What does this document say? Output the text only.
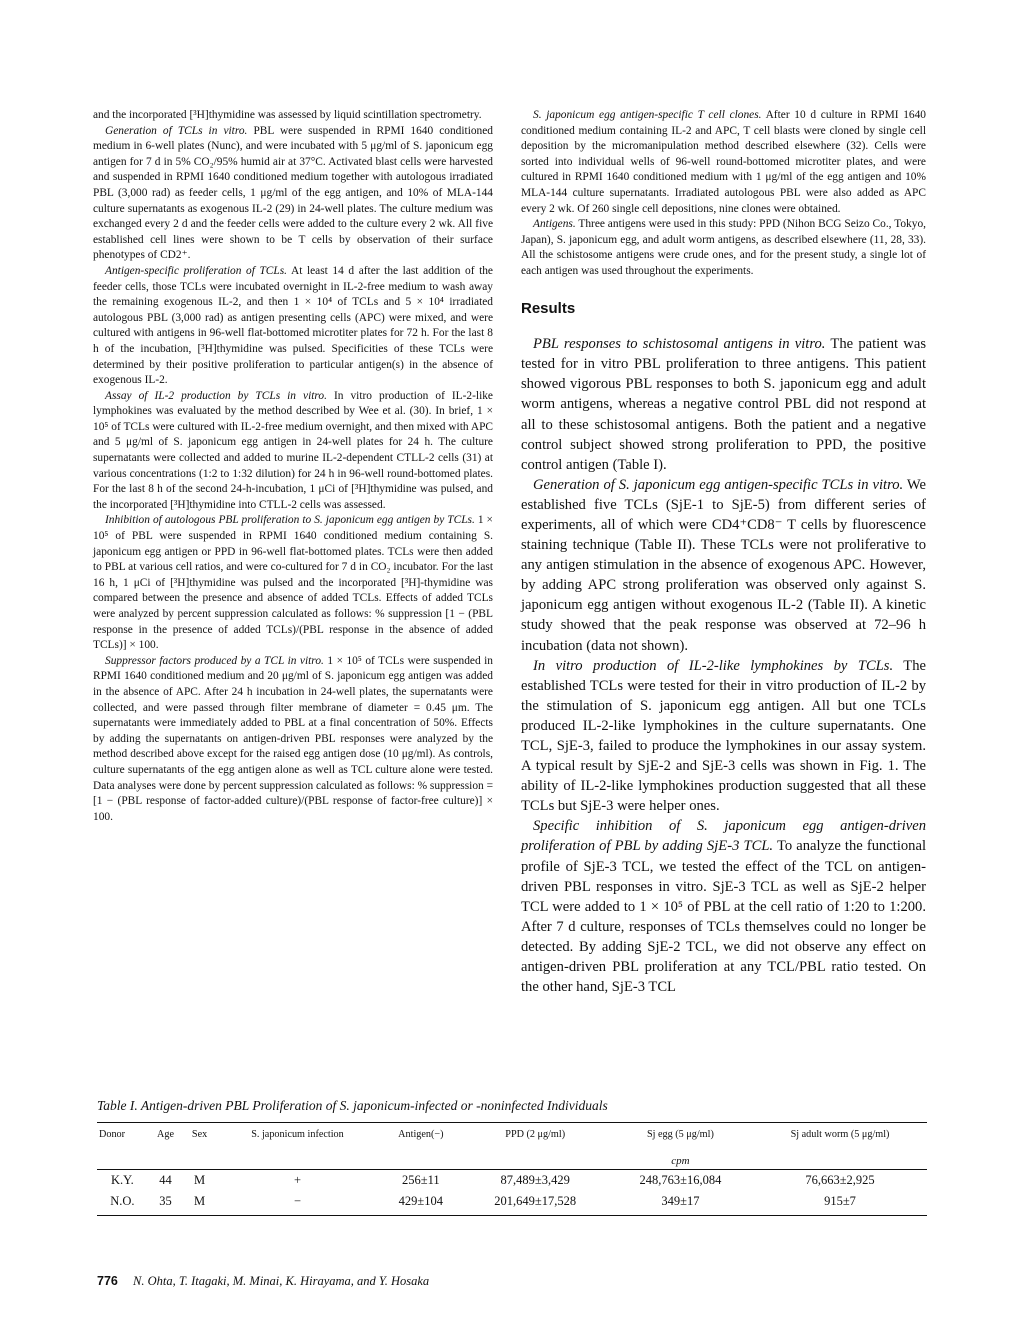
and the incorporated [³H]thymidine was assessed by liquid scintillation spectrometry.

Generation of TCLs in vitro. PBL were suspended in RPMI 1640 conditioned medium in 6-well plates (Nunc), and were incubated with 5 μg/ml of S. japonicum egg antigen for 7 d in 5% CO₂/95% humid air at 37°C. Activated blast cells were harvested and suspended in RPMI 1640 conditioned medium together with autologous irradiated PBL (3,000 rad) as feeder cells, 1 μg/ml of the egg antigen, and 10% of MLA-144 culture supernatants as exogenous IL-2 (29) in 24-well plates. The culture medium was exchanged every 2 d and the feeder cells were added to the culture every 2 wk. All five established cell lines were shown to be T cells by observation of their surface phenotypes of CD2⁺.

Antigen-specific proliferation of TCLs. At least 14 d after the last addition of the feeder cells, those TCLs were incubated overnight in IL-2-free medium to wash away the remaining exogenous IL-2, and then 1 × 10⁴ of TCLs and 5 × 10⁴ irradiated autologous PBL (3,000 rad) as antigen presenting cells (APC) were mixed, and were cultured with antigens in 96-well flat-bottomed microtiter plates for 72 h. For the last 8 h of the incubation, [³H]thymidine was pulsed. Specificities of these TCLs were determined by their positive proliferation to particular antigen(s) in the absence of exogenous IL-2.

Assay of IL-2 production by TCLs in vitro. In vitro production of IL-2-like lymphokines was evaluated by the method described by Wee et al. (30). In brief, 1 × 10⁵ of TCLs were cultured with IL-2-free medium overnight, and then mixed with APC and 5 μg/ml of S. japonicum egg antigen in 24-well plates for 24 h. The culture supernatants were collected and added to murine IL-2-dependent CTLL-2 cells (31) at various concentrations (1:2 to 1:32 dilution) for 24 h in 96-well round-bottomed plates. For the last 8 h of the second 24-h-incubation, 1 μCi of [³H]thymidine was pulsed, and the incorporated [³H]thymidine into CTLL-2 cells was assessed.

Inhibition of autologous PBL proliferation to S. japonicum egg antigen by TCLs. 1 × 10⁵ of PBL were suspended in RPMI 1640 conditioned medium containing S. japonicum egg antigen or PPD in 96-well flat-bottomed plates. TCLs were then added to PBL at various cell ratios, and were co-cultured for 7 d in CO₂ incubator. For the last 16 h, 1 μCi of [³H]thymidine was pulsed and the incorporated [³H]-thymidine was compared between the presence and absence of added TCLs. Effects of added TCLs were analyzed by percent suppression calculated as follows: % suppression [1 − (PBL response in the presence of added TCLs)/(PBL response in the absence of added TCLs)] × 100.

Suppressor factors produced by a TCL in vitro. 1 × 10⁵ of TCLs were suspended in RPMI 1640 conditioned medium and 20 μg/ml of S. japonicum egg antigen was added in the absence of APC. After 24 h incubation in 24-well plates, the supernatants were collected, and were passed through filter membrane of diameter = 0.45 μm. The supernatants were immediately added to PBL at a final concentration of 50%. Effects by adding the supernatants on antigen-driven PBL responses were analyzed by the method described above except for the raised egg antigen dose (10 μg/ml). As controls, culture supernatants of the egg antigen alone as well as TCL culture alone were tested. Data analyses were done by percent suppression calculated as follows: % suppression = [1 − (PBL response of factor-added culture)/(PBL response of factor-free culture)] × 100.

S. japonicum egg antigen-specific T cell clones. After 10 d culture in RPMI 1640 conditioned medium containing IL-2 and APC, T cell blasts were cloned by single cell deposition by the micromanipulation method described elsewhere (32). Cells were sorted into individual wells of 96-well round-bottomed microtiter plates, and were cultured in RPMI 1640 conditioned medium with 1 μg/ml of the egg antigen and 10% MLA-144 culture supernatants. Irradiated autologous PBL were also added as APC every 2 wk. Of 260 single cell depositions, nine clones were obtained.

Antigens. Three antigens were used in this study: PPD (Nihon BCG Seizo Co., Tokyo, Japan), S. japonicum egg, and adult worm antigens, as described elsewhere (11, 28, 33). All the schistosome antigens were crude ones, and for the present study, a single lot of each antigen was used throughout the experiments.

Results

PBL responses to schistosomal antigens in vitro. The patient was tested for in vitro PBL proliferation to three antigens. This patient showed vigorous PBL responses to both S. japonicum egg and adult worm antigens, whereas a negative control PBL did not respond at all to these schistosomal antigens. Both the patient and a negative control subject showed strong proliferation to PPD, the positive control antigen (Table I).

Generation of S. japonicum egg antigen-specific TCLs in vitro. We established five TCLs (SjE-1 to SjE-5) from different series of experiments, all of which were CD4⁺CD8⁻ T cells by fluorescence staining technique (Table II). These TCLs were not proliferative to any antigen stimulation in the absence of exogenous APC. However, by adding APC strong proliferation was observed only against S. japonicum egg antigen without exogenous IL-2 (Table II). A kinetic study showed that the peak response was observed at 72–96 h incubation (data not shown).

In vitro production of IL-2-like lymphokines by TCLs. The established TCLs were tested for their in vitro production of IL-2 by the stimulation of S. japonicum egg antigen. All but one TCLs produced IL-2-like lymphokines in the culture supernatants. One TCL, SjE-3, failed to produce the lymphokines in our assay system. A typical result by SjE-2 and SjE-3 cells was shown in Fig. 1. The ability of IL-2-like lymphokines production suggested that all these TCLs but SjE-3 were helper ones.

Specific inhibition of S. japonicum egg antigen-driven proliferation of PBL by adding SjE-3 TCL. To analyze the functional profile of SjE-3 TCL, we tested the effect of the TCL on antigen-driven PBL responses in vitro. SjE-3 TCL as well as SjE-2 helper TCL were added to 1 × 10⁵ of PBL at the cell ratio of 1:20 to 1:200. After 7 d culture, responses of TCLs themselves could no longer be detected. By adding SjE-2 TCL, we did not observe any effect on antigen-driven PBL proliferation at any TCL/PBL ratio tested. On the other hand, SjE-3 TCL

Table I. Antigen-driven PBL Proliferation of S. japonicum-infected or -noninfected Individuals

Donor	Age	Sex	S. japonicum infection	Antigen(−)	PPD (2 μg/ml)	Sj egg (5 μg/ml)	Sj adult worm (5 μg/ml)
						cpm	

K.Y.	44	M	+	256±11	87,489±3,429	248,763±16,084	76,663±2,925
N.O.	35	M	−	429±104	201,649±17,528	349±17	915±7
776 N. Ohta, T. Itagaki, M. Minai, K. Hirayama, and Y. Hosaka
